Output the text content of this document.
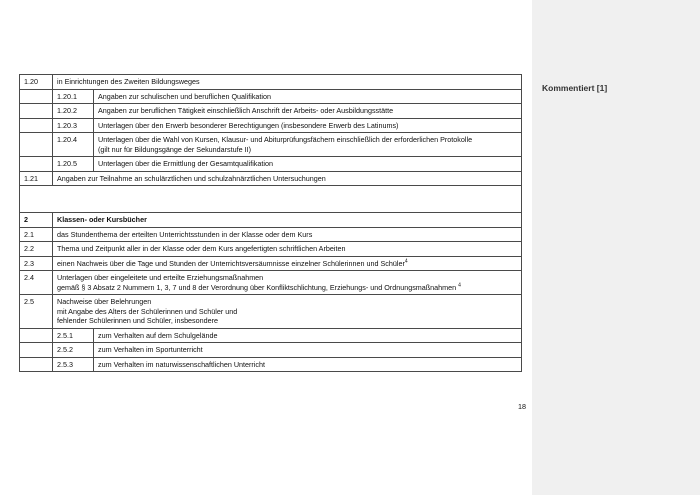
Kommentiert [1]
1.20	in Einrichtungen des Zweiten Bildungsweges	
	1.20.1	Angaben zur schulischen und beruflichen Qualifikation
	1.20.2	Angaben zur beruflichen Tätigkeit einschließlich Anschrift der Arbeits- oder Ausbildungsstätte
	1.20.3	Unterlagen über den Erwerb besonderer Berechtigungen (insbesondere Erwerb des Latinums)
	1.20.4	Unterlagen über die Wahl von Kursen, Klausur- und Abiturprüfungsfächern einschließlich der erforderlichen Protokolle
(gilt nur für Bildungsgänge der Sekundarstufe II)

	1.20.5	Unterlagen über die Ermittlung der Gesamtqualifikation
1.21	Angaben zur Teilnahme an schulärztlichen und schulzahnärztlichen Untersuchungen	

2	Klassen- oder Kursbücher	
2.1	das Stundenthema der erteilten Unterrichtsstunden in der Klasse oder dem Kurs	
2.2	Thema und Zeitpunkt aller in der Klasse oder dem Kurs angefertigten schriftlichen Arbeiten	
2.3	einen Nachweis über die Tage und Stunden der Unterrichtsversäumnisse einzelner Schülerinnen und Schüler$^4$
2.4	Unterlagen über eingeleitete und erteilte Erziehungsmaßnahmen
gemäß § 3 Absatz 2 Nummern 1, 3, 7 und 8 der Verordnung über Konfliktschlichtung, Erziehungs- und Ordnungsmaßnahmen $^4$

2.5	Nachweise über Belehrungen
mit Angabe des Alters der Schülerinnen und Schüler und
fehlender Schülerinnen und Schüler, insbesondere	

	2.5.1	zum Verhalten auf dem Schulgelände
	2.5.2	zum Verhalten im Sportunterricht
	2.5.3	zum Verhalten im naturwissenschaftlichen Unterricht
18
